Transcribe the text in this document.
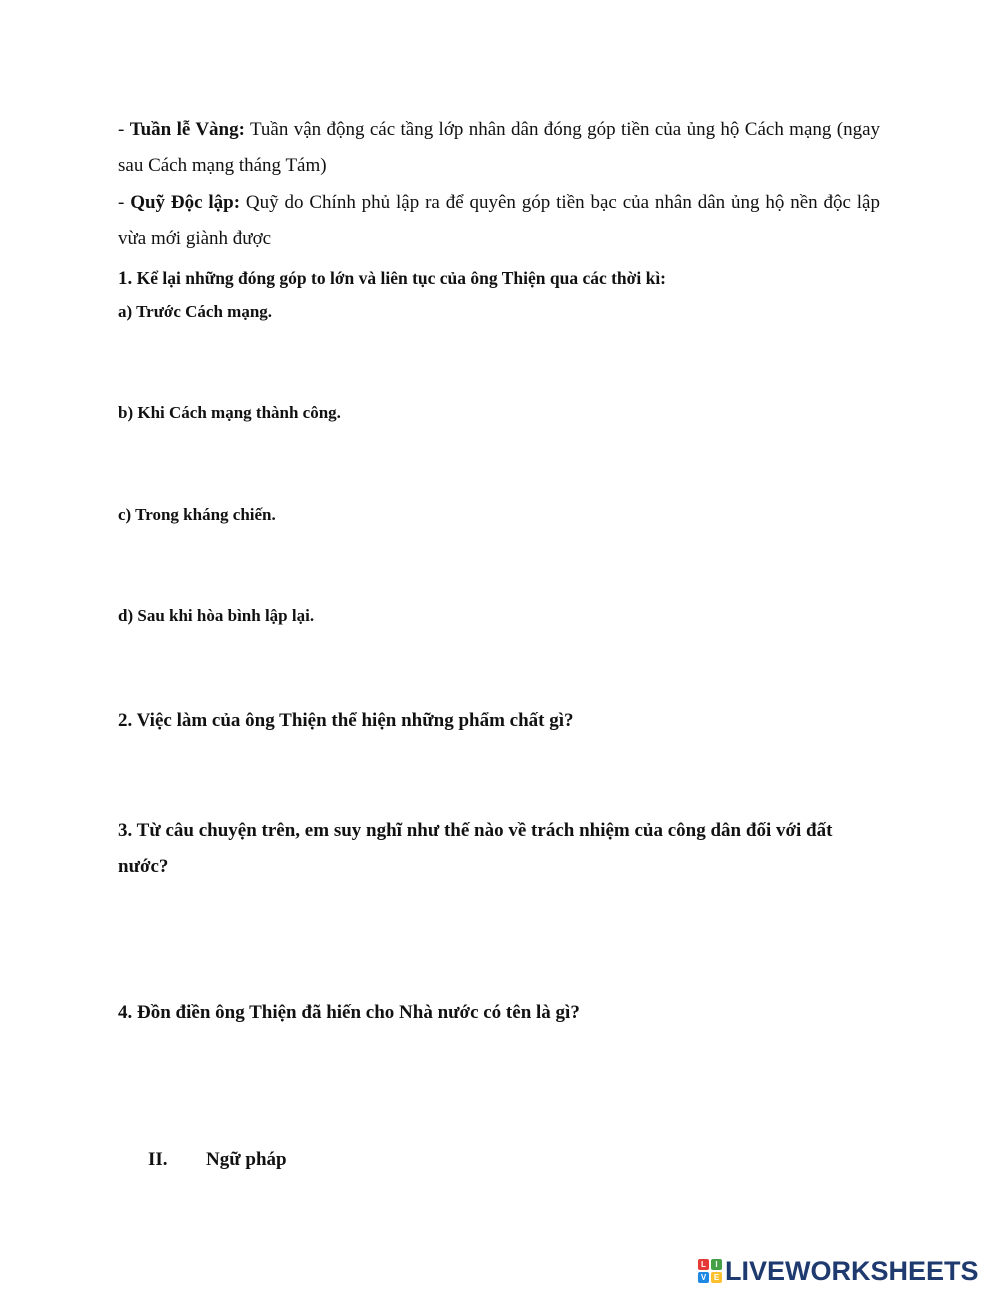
- Tuần lễ Vàng: Tuần vận động các tầng lớp nhân dân đóng góp tiền của ủng hộ Cách mạng (ngay sau Cách mạng tháng Tám)
- Quỹ Độc lập: Quỹ do Chính phủ lập ra để quyên góp tiền bạc của nhân dân ủng hộ nền độc lập vừa mới giành được
1. Kể lại những đóng góp to lớn và liên tục của ông Thiện qua các thời kì:
a) Trước Cách mạng.
b) Khi Cách mạng thành công.
c) Trong kháng chiến.
d) Sau khi hòa bình lập lại.
2. Việc làm của ông Thiện thể hiện những phẩm chất gì?
3. Từ câu chuyện trên, em suy nghĩ như thế nào về trách nhiệm của công dân đối với đất nước?
4. Đồn điền ông Thiện đã hiến cho Nhà nước có tên là gì?
II. Ngữ pháp
L	I
V E LIVEWORKSHEETS
